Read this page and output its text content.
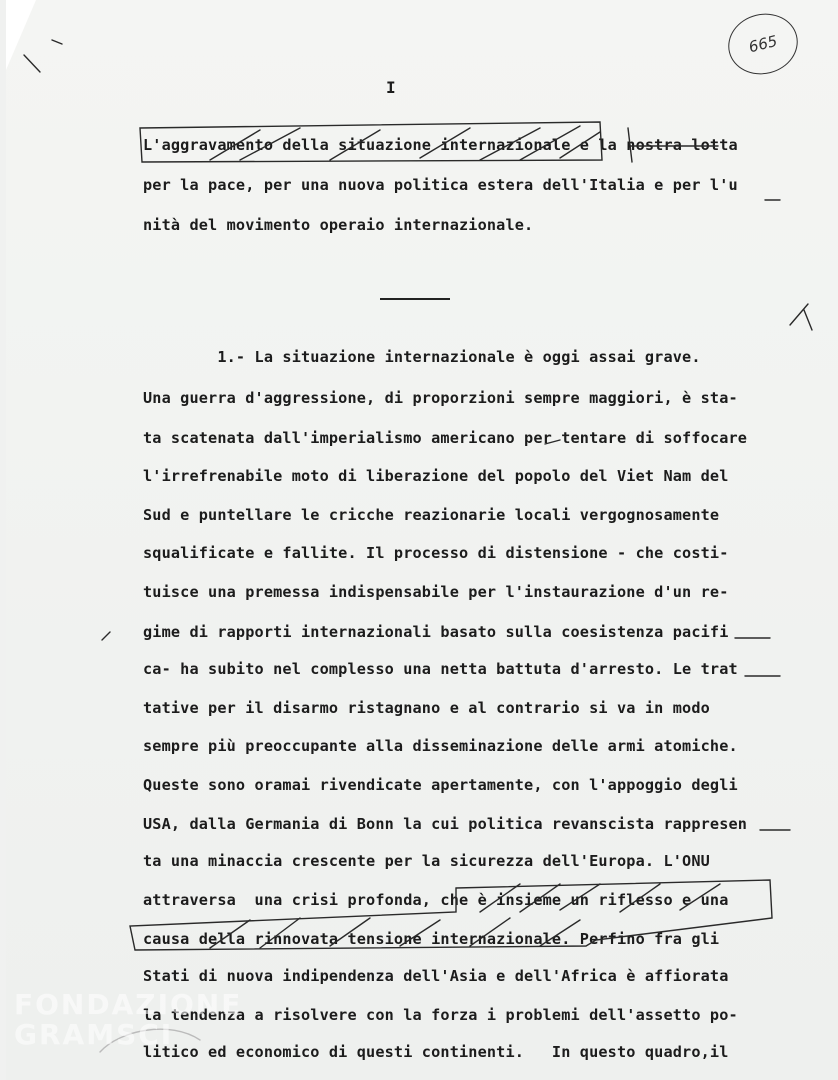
665
I
L'aggravamento della situazione internazionale e la nostra lotta
per la pace, per una nuova politica estera dell'Italia e per l'u
nità del movimento operaio internazionale.
1.- La situazione internazionale è oggi assai grave.
Una guerra d'aggressione, di proporzioni sempre maggiori, è sta-
ta scatenata dall'imperialismo americano per tentare di soffocare
l'irrefrenabile moto di liberazione del popolo del Viet Nam del
Sud e puntellare le cricche reazionarie locali vergognosamente
squalificate e fallite. Il processo di distensione - che costi-
tuisce una premessa indispensabile per l'instaurazione d'un re-
gime di rapporti internazionali basato sulla coesistenza pacifi
ca- ha subito nel complesso una netta battuta d'arresto. Le trat
tative per il disarmo ristagnano e al contrario si va in modo
sempre più preoccupante alla disseminazione delle armi atomiche.
Queste sono oramai rivendicate apertamente, con l'appoggio degli
USA, dalla Germania di Bonn la cui politica revanscista rappresen
ta una minaccia crescente per la sicurezza dell'Europa. L'ONU
attraversa  una crisi profonda, che è insieme un riflesso e una
causa della rinnovata tensione internazionale. Perfino fra gli
Stati di nuova indipendenza dell'Asia e dell'Africa è affiorata
la tendenza a risolvere con la forza i problemi dell'assetto po-
litico ed economico di questi continenti.   In questo quadro,il
FONDAZIONE
GRAMSCI
